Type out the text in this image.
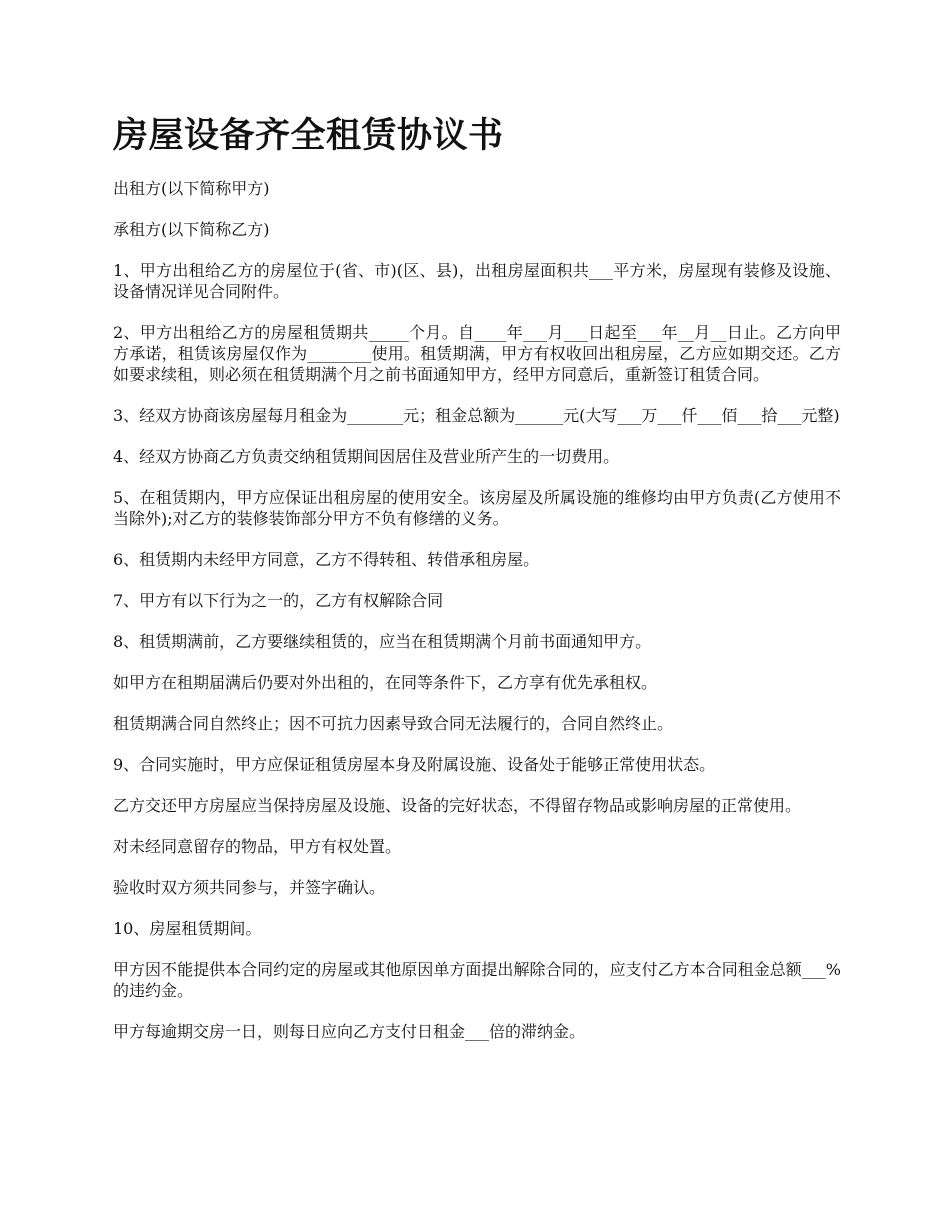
房屋设备齐全租赁协议书

出租方(以下简称甲方)

承租方(以下简称乙方)

1、甲方出租给乙方的房屋位于(省、市)(区、县)，出租房屋面积共___平方米，房屋现有装修及设施、设备情况详见合同附件。

2、甲方出租给乙方的房屋租赁期共_____个月。自____年___月___日起至___年__月__日止。乙方向甲方承诺，租赁该房屋仅作为________使用。租赁期满，甲方有权收回出租房屋，乙方应如期交还。乙方如要求续租，则必须在租赁期满个月之前书面通知甲方，经甲方同意后，重新签订租赁合同。

3、经双方协商该房屋每月租金为_______元；租金总额为______元(大写___万___仟___佰___拾___元整)

4、经双方协商乙方负责交纳租赁期间因居住及营业所产生的一切费用。

5、在租赁期内，甲方应保证出租房屋的使用安全。该房屋及所属设施的维修均由甲方负责(乙方使用不当除外);对乙方的装修装饰部分甲方不负有修缮的义务。

6、租赁期内未经甲方同意，乙方不得转租、转借承租房屋。

7、甲方有以下行为之一的，乙方有权解除合同

8、租赁期满前，乙方要继续租赁的，应当在租赁期满个月前书面通知甲方。

如甲方在租期届满后仍要对外出租的，在同等条件下，乙方享有优先承租权。

租赁期满合同自然终止；因不可抗力因素导致合同无法履行的，合同自然终止。

9、合同实施时，甲方应保证租赁房屋本身及附属设施、设备处于能够正常使用状态。

乙方交还甲方房屋应当保持房屋及设施、设备的完好状态，不得留存物品或影响房屋的正常使用。

对未经同意留存的物品，甲方有权处置。

验收时双方须共同参与，并签字确认。

10、房屋租赁期间。

甲方因不能提供本合同约定的房屋或其他原因单方面提出解除合同的，应支付乙方本合同租金总额___%的违约金。

甲方每逾期交房一日，则每日应向乙方支付日租金___倍的滞纳金。
